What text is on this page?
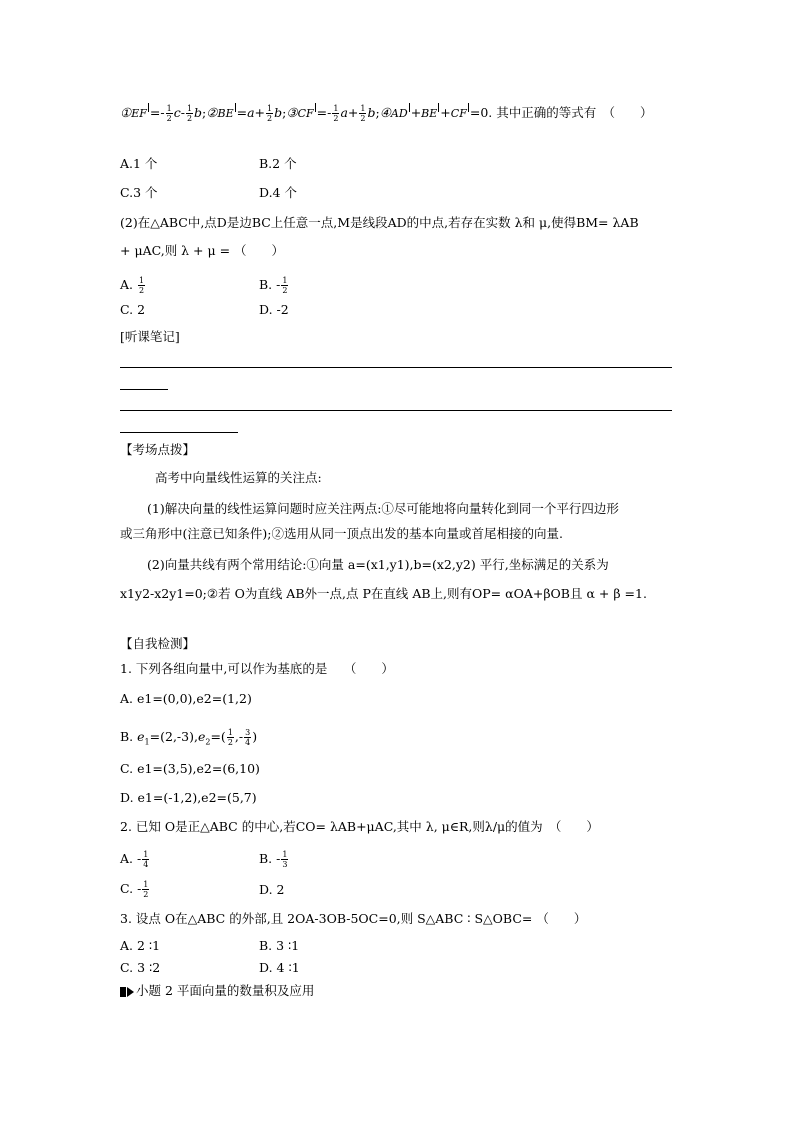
①EF =- $\frac{1}{2} c- \frac{1}{2}$ b;②BE $=a+ \frac{1}{2}$ b;③CF =- $\frac{1}{2} a+ \frac{1}{2}$ b;④AD +BE +CF =0. 其中正确的等式有　（　　）
A.1 个	B.2 个
C.3 个	D.4 个
(2)在△ABC中,点D是边BC上任意一点,M是线段AD的中点,若存在实数 λ和 μ,使得BM= λAB
+ μAC,则 λ + μ = （　　）
A. $\frac{1}{2}$	B. - $\frac{1}{2}$
C. 2	D. -2
[听课笔记]
【考场点拨】
高考中向量线性运算的关注点:
(1)解决向量的线性运算问题时应关注两点:①尽可能地将向量转化到同一个平行四边形
或三角形中(注意已知条件);②选用从同一顶点出发的基本向量或首尾相接的向量.
(2)向量共线有两个常用结论:①向量 a=(x1,y1),b=(x2,y2) 平行,坐标满足的关系为
x1y2-x2y1=0;②若 O为直线 AB外一点,点 P在直线 AB上,则有OP= αOA+βOB且 α + β =1.
【自我检测】
1. 下列各组向量中,可以作为基底的是　 （　　）
A. e1=(0,0),e2=(1,2)
B. $e_1=(2,-3),e_2=( \frac{1}{2}$ ,- $\frac{3}{4}$ )
C. e1=(3,5),e2=(6,10)
D. e1=(-1,2),e2=(5,7)
2. 已知 O是正△ABC 的中心,若CO= λAB+μAC,其中 λ, μ∈R,则λ/μ的值为　（　　）
A. - $\frac{1}{4}$	B. - $\frac{1}{3}$
C. - $\frac{1}{2}$	D. 2
3. 设点 O在△ABC 的外部,且 2OA-3OB-5OC=0,则 S△ABC ∶ S△OBC= （　　）
A. 2 ∶1	B. 3 ∶1
C. 3 ∶2	D. 4 ∶1
小题 2 平面向量的数量积及应用
